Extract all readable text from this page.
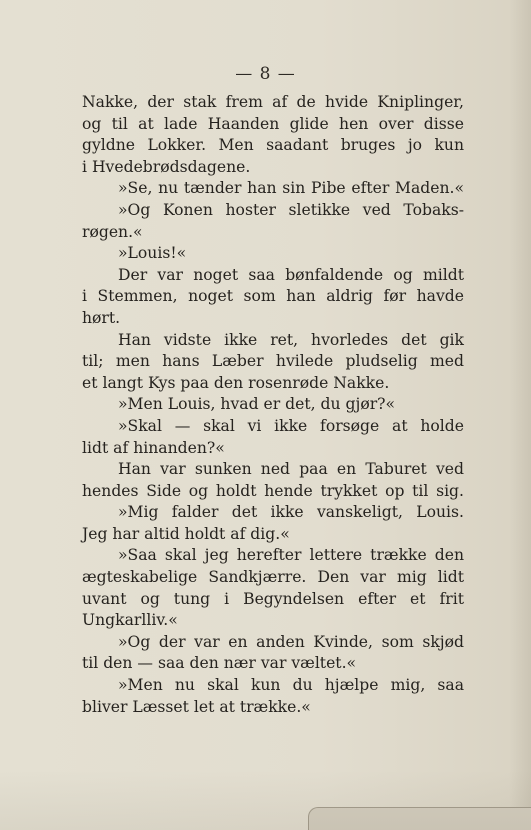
— 8 —
Nakke, der stak frem af de hvide Kniplinger,
og til at lade Haanden glide hen over disse
gyldne Lokker. Men saadant bruges jo kun
i Hvedebrødsdagene.
»Se, nu tænder han sin Pibe efter Maden.«
»Og Konen hoster sletikke ved Tobaks-
røgen.«
»Louis!«
Der var noget saa bønfaldende og mildt
i Stemmen, noget som han aldrig før havde
hørt.
Han vidste ikke ret, hvorledes det gik
til; men hans Læber hvilede pludselig med
et langt Kys paa den rosenrøde Nakke.
»Men Louis, hvad er det, du gjør?«
»Skal — skal vi ikke forsøge at holde
lidt af hinanden?«
Han var sunken ned paa en Taburet ved
hendes Side og holdt hende trykket op til sig.
»Mig falder det ikke vanskeligt, Louis.
Jeg har altid holdt af dig.«
»Saa skal jeg herefter lettere trække den
ægteskabelige Sandkjærre. Den var mig lidt
uvant og tung i Begyndelsen efter et frit
Ungkarlliv.«
»Og der var en anden Kvinde, som skjød
til den — saa den nær var væltet.«
»Men nu skal kun du hjælpe mig, saa
bliver Læsset let at trække.«
